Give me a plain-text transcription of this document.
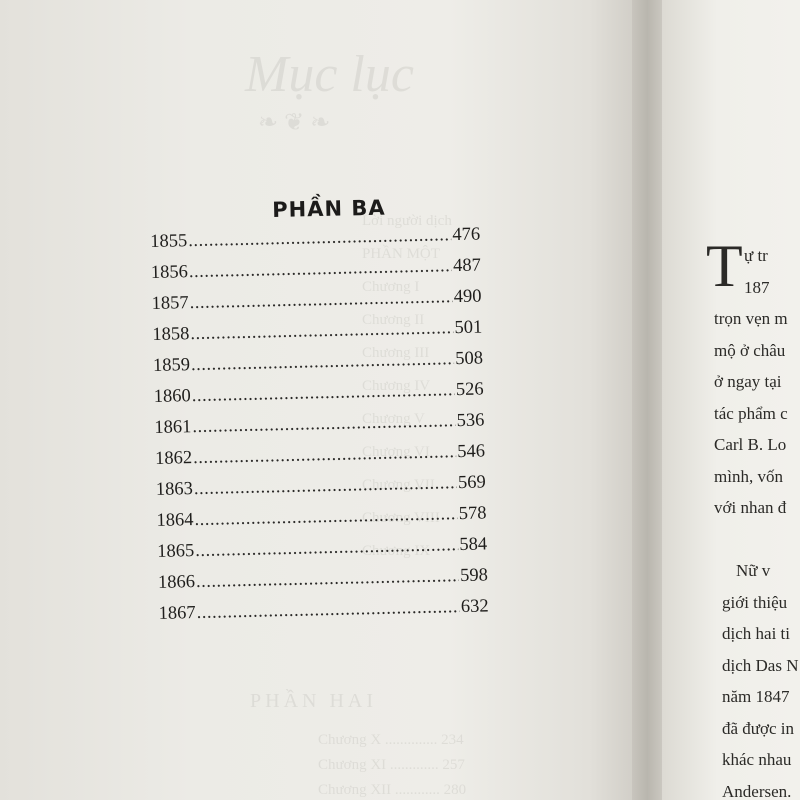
Mục lục
❧ ❦ ❧
Lời người dịch
PHẦN MỘT
Chương I
Chương II
Chương III
Chương IV
Chương V
Chương VI
Chương VII
Chương VIII
Chương IX
PHẦN HAI
Chương X .............. 234
Chương XI ............. 257
Chương XII ............ 280
PHẦN BA
1855 .....	476
1856 .....	487
1857 .....	490
1858 .....	501
1859 .....	508
1860 .....	526
1861 .....	536
1862 .....	546
1863 .....	569
1864 .....	578
1865 .....	584
1866 .....	598
1867 .....	632
T ự tr
187
trọn vẹn m
mộ ở châu
ở ngay tại
tác phẩm c
Carl B. Lo
mình, vốn
với nhan đ
Nữ v
giới thiệu
dịch hai ti
dịch Das N
năm 1847
đã được in
khác nhau
Andersen.
